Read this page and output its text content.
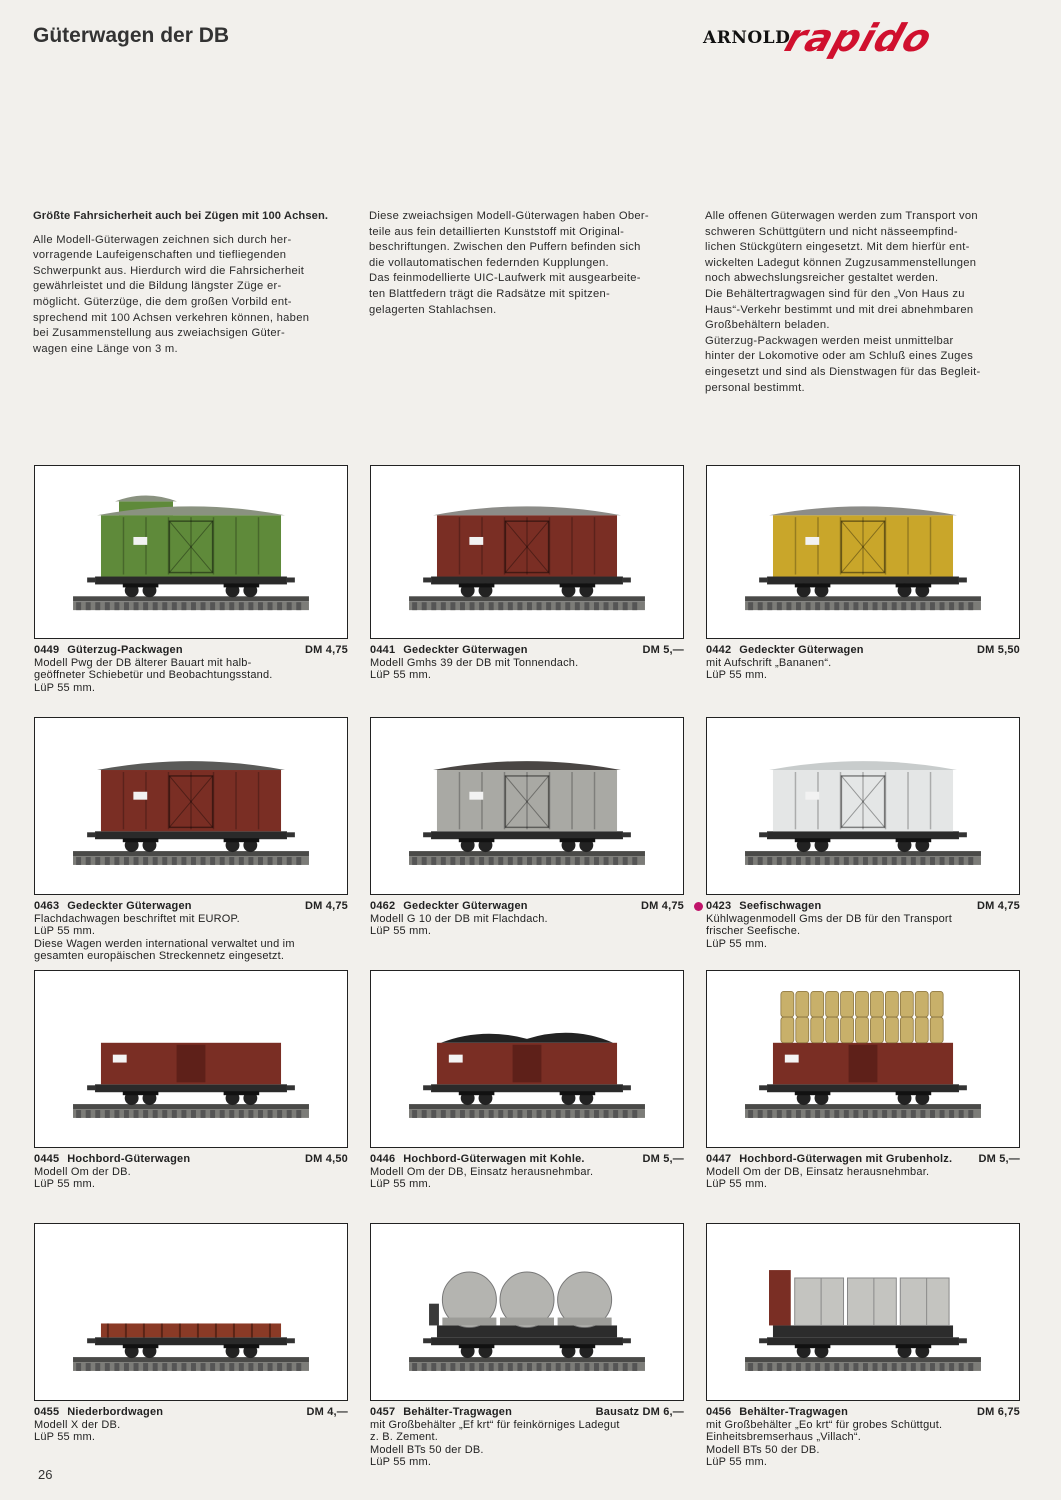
Güterwagen der DB	ARNOLD
rapido

Größte Fahrsicherheit auch bei Zügen mit 100 Achsen.

Alle Modell-Güterwagen zeichnen sich durch her-
vorragende Laufeigenschaften und tiefliegenden
Schwerpunkt aus. Hierdurch wird die Fahrsicherheit
gewährleistet und die Bildung längster Züge er-
möglicht. Güterzüge, die dem großen Vorbild ent-
sprechend mit 100 Achsen verkehren können, haben
bei Zusammenstellung aus zweiachsigen Güter-
wagen eine Länge von 3 m.

Diese zweiachsigen Modell-Güterwagen haben Ober-
teile aus fein detaillierten Kunststoff mit Original-
beschriftungen. Zwischen den Puffern befinden sich
die vollautomatischen federnden Kupplungen.
Das feinmodellierte UIC-Laufwerk mit ausgearbeite-
ten Blattfedern trägt die Radsätze mit spitzen-
gelagerten Stahlachsen.

Alle offenen Güterwagen werden zum Transport von
schweren Schüttgütern und nicht nässeempfind-
lichen Stückgütern eingesetzt. Mit dem hierfür ent-
wickelten Ladegut können Zugzusammenstellungen
noch abwechslungsreicher gestaltet werden.
Die Behältertragwagen sind für den „Von Haus zu
Haus“-Verkehr bestimmt und mit drei abnehmbaren
Großbehältern beladen.
Güterzug-Packwagen werden meist unmittelbar
hinter der Lokomotive oder am Schluß eines Zuges
eingesetzt und sind als Dienstwagen für das Begleit-
personal bestimmt.

0449 Güterzug-Packwagen	DM 4,75
Modell Pwg der DB älterer Bauart mit halb-
geöffneter Schiebetür und Beobachtungsstand.
LüP 55 mm.
0441 Gedeckter Güterwagen	DM 5,—
Modell Gmhs 39 der DB mit Tonnendach.
LüP 55 mm.
0442 Gedeckter Güterwagen	DM 5,50
mit Aufschrift „Bananen“.
LüP 55 mm.
0463 Gedeckter Güterwagen	DM 4,75
Flachdachwagen beschriftet mit EUROP.
LüP 55 mm.
Diese Wagen werden international verwaltet und im
gesamten europäischen Streckennetz eingesetzt.
0462 Gedeckter Güterwagen	DM 4,75
Modell G 10 der DB mit Flachdach.
LüP 55 mm.
0423 Seefischwagen	DM 4,75
Kühlwagenmodell Gms der DB für den Transport
frischer Seefische.
LüP 55 mm.
0445 Hochbord-Güterwagen	DM 4,50
Modell Om der DB.
LüP 55 mm.
0446 Hochbord-Güterwagen mit Kohle.	DM 5,—
Modell Om der DB, Einsatz herausnehmbar.
LüP 55 mm.
0447 Hochbord-Güterwagen mit Grubenholz. DM 5,—
Modell Om der DB, Einsatz herausnehmbar.
LüP 55 mm.
0455 Niederbordwagen	DM 4,—
Modell X der DB.
LüP 55 mm.
0457 Behälter-Tragwagen	Bausatz DM 6,—
mit Großbehälter „Ef krt“ für feinkörniges Ladegut
z. B. Zement.
Modell BTs 50 der DB.
LüP 55 mm.
0456 Behälter-Tragwagen	DM 6,75
mit Großbehälter „Eo krt“ für grobes Schüttgut.
Einheitsbremserhaus „Villach“.
Modell BTs 50 der DB.
LüP 55 mm.
26
